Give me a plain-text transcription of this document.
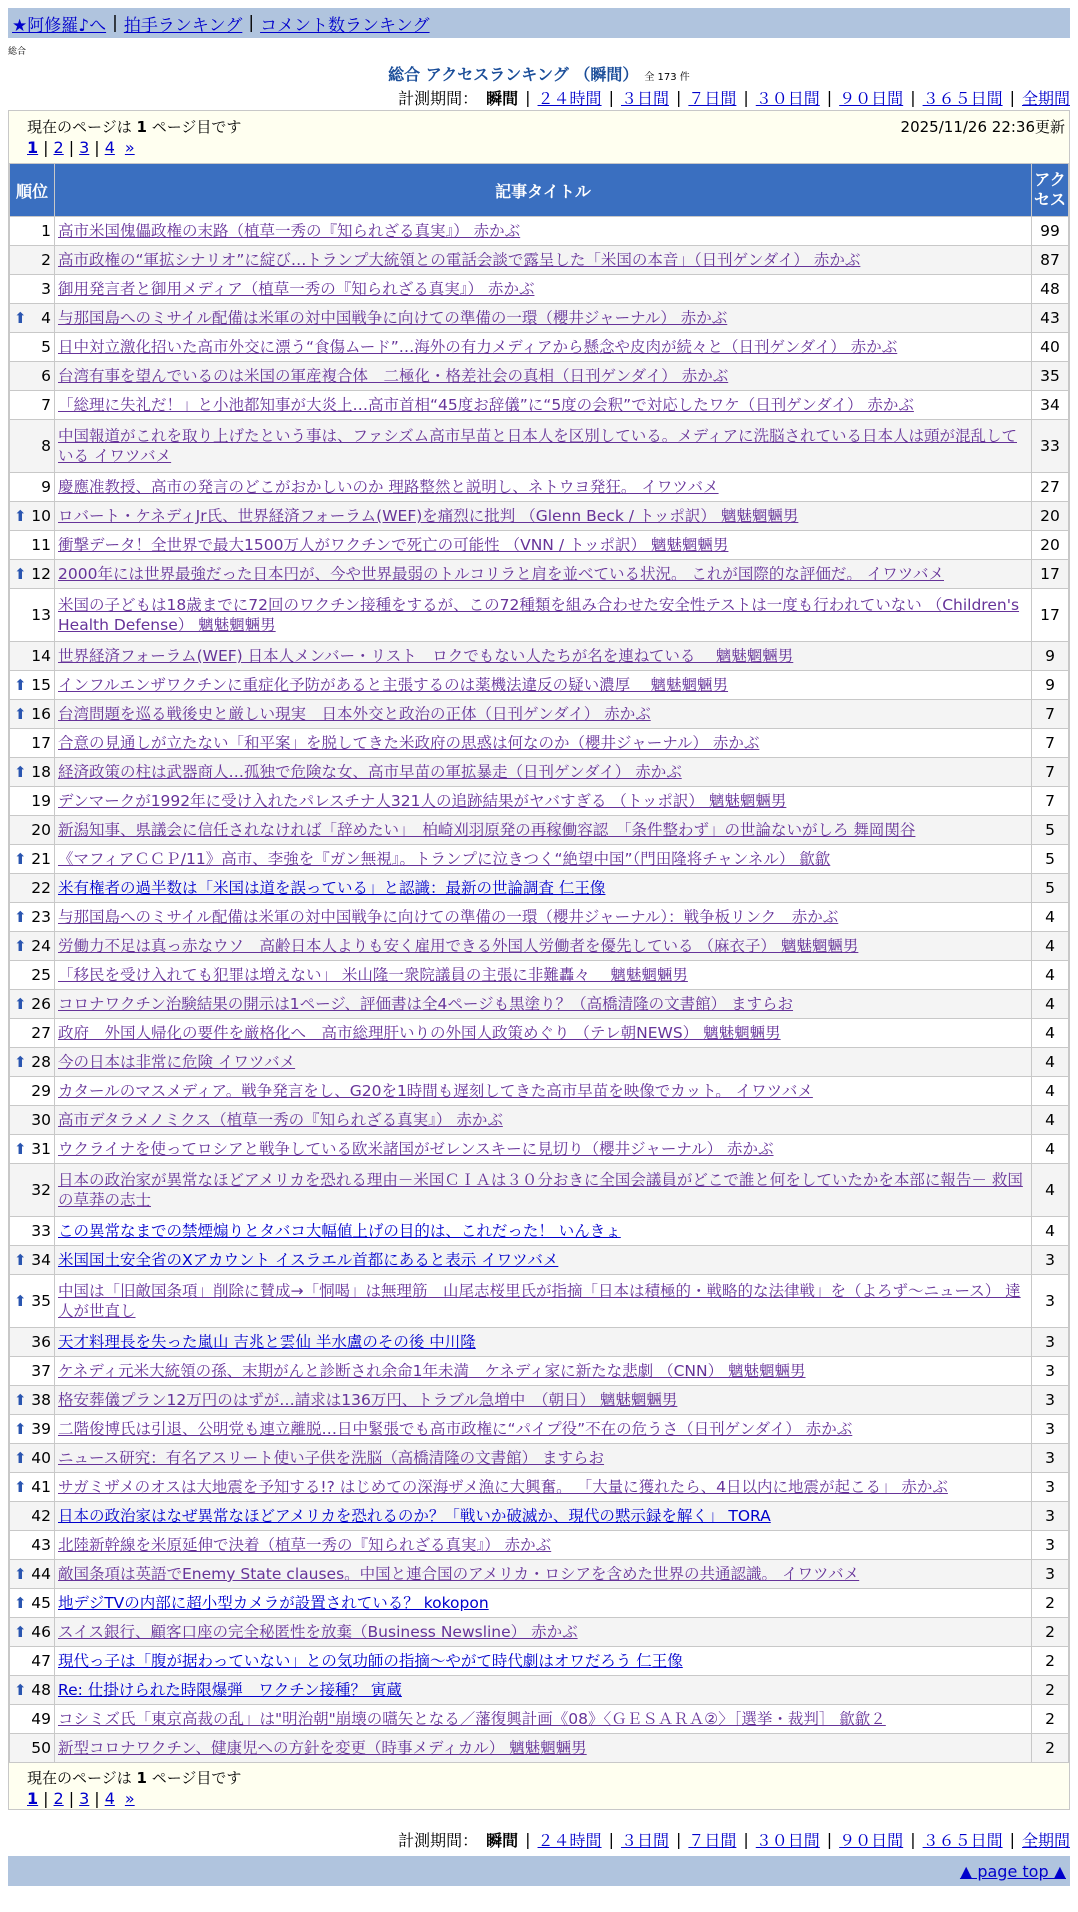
★阿修羅♪へ | 拍手ランキング | コメント数ランキング
総合
総合 アクセスランキング （瞬間） 全 173 件
計測期間： 瞬間 | ２４時間 | ３日間 | ７日間 | ３０日間 | ９０日間 | ３６５日間 | 全期間
現在のページは 1 ページ目です	2025/11/26 22:36更新
1 | 2 | 3 | 4 »
順位	記事タイトル	アクセス
1	高市米国傀儡政権の末路（植草一秀の『知られざる真実』） 赤かぶ	99
2	高市政権の“軍拡シナリオ”に綻び…トランプ大統領との電話会談で露呈した「米国の本音」（日刊ゲンダイ） 赤かぶ	87
3	御用発言者と御用メディア（植草一秀の『知られざる真実』） 赤かぶ	48

⬆ 4	与那国島へのミサイル配備は米軍の対中国戦争に向けての準備の一環（櫻井ジャーナル） 赤かぶ	43
5	日中対立激化招いた高市外交に漂う“食傷ムード”…海外の有力メディアから懸念や皮肉が続々と（日刊ゲンダイ） 赤かぶ	40
6	台湾有事を望んでいるのは米国の軍産複合体　二極化・格差社会の真相（日刊ゲンダイ） 赤かぶ	35
7	「総理に失礼だ！」と小池都知事が大炎上…高市首相“45度お辞儀”に“5度の会釈”で対応したワケ（日刊ゲンダイ） 赤かぶ	34
8	中国報道がこれを取り上げたという事は、ファシズム高市早苗と日本人を区別している。メディアに洗脳されている日本人は頭が混乱している イワツバメ	33
9	慶應准教授、高市の発言のどこがおかしいのか 理路整然と説明し、ネトウヨ発狂。 イワツバメ	27

⬆ 10	ロバート・ケネディJr氏、世界経済フォーラム(WEF)を痛烈に批判 （Glenn Beck / トッポ訳） 魑魅魍魎男	20
11	衝撃データ！全世界で最大1500万人がワクチンで死亡の可能性 （VNN / トッポ訳） 魑魅魍魎男	20

⬆ 12	2000年には世界最強だった日本円が、今や世界最弱のトルコリラと肩を並べている状況。 これが国際的な評価だ。 イワツバメ	17
13	米国の子どもは18歳までに72回のワクチン接種をするが、この72種類を組み合わせた安全性テストは一度も行われていない （Children's Health Defense） 魑魅魍魎男	17
14	世界経済フォーラム(WEF) 日本人メンバー・リスト　ロクでもない人たちが名を連ねている　 魑魅魍魎男	9

⬆ 15	インフルエンザワクチンに重症化予防があると主張するのは薬機法違反の疑い濃厚　 魑魅魍魎男	9

⬆ 16	台湾問題を巡る戦後史と厳しい現実　日本外交と政治の正体（日刊ゲンダイ） 赤かぶ	7
17	合意の見通しが立たない「和平案」を脱してきた米政府の思惑は何なのか（櫻井ジャーナル） 赤かぶ	7

⬆ 18	経済政策の柱は武器商人…孤独で危険な女、高市早苗の軍拡暴走（日刊ゲンダイ） 赤かぶ	7
19	デンマークが1992年に受け入れたパレスチナ人321人の追跡結果がヤバすぎる （トッポ訳） 魑魅魍魎男	7
20	新潟知事、県議会に信任されなければ「辞めたい」　柏崎刈羽原発の再稼働容認　「条件整わず」の世論ないがしろ 舞岡関谷	5

⬆ 21	《マフィアＣＣＰ/11》高市、李強を『ガン無視』。トランプに泣きつく“絶望中国”（門田隆将チャンネル） 歙歙	5
22	米有権者の過半数は「米国は道を誤っている」と認識：最新の世論調査 仁王像	5

⬆ 23	与那国島へのミサイル配備は米軍の対中国戦争に向けての準備の一環（櫻井ジャーナル）：戦争板リンク　赤かぶ	4

⬆ 24	労働力不足は真っ赤なウソ　高齢日本人よりも安く雇用できる外国人労働者を優先している （麻衣子） 魑魅魍魎男	4
25	「移民を受け入れても犯罪は増えない」 米山隆一衆院議員の主張に非難轟々　 魑魅魍魎男	4

⬆ 26	コロナワクチン治験結果の開示は1ページ、評価書は全4ページも黒塗り？（高橋清隆の文書館） ますらお	4
27	政府　外国人帰化の要件を厳格化へ　高市総理肝いりの外国人政策めぐり （テレ朝NEWS） 魑魅魍魎男	4

⬆ 28	今の日本は非常に危険 イワツバメ	4
29	カタールのマスメディア。戦争発言をし、G20を1時間も遅刻してきた高市早苗を映像でカット。 イワツバメ	4
30	高市デタラメノミクス（植草一秀の『知られざる真実』） 赤かぶ	4

⬆ 31	ウクライナを使ってロシアと戦争している欧米諸国がゼレンスキーに見切り（櫻井ジャーナル） 赤かぶ	4
32	日本の政治家が異常なほどアメリカを恐れる理由－米国ＣＩＡは３０分おきに全国会議員がどこで誰と何をしていたかを本部に報告－ 救国の草莽の志士	4
33	この異常なまでの禁煙煽りとタバコ大幅値上げの目的は、これだった！ いんきょ	4

⬆ 34	米国国土安全省のXアカウント イスラエル首都にあると表示 イワツバメ	3

⬆ 35	中国は「旧敵国条項」削除に賛成→「恫喝」は無理筋　山尾志桜里氏が指摘「日本は積極的・戦略的な法律戦」を（よろず～ニュース） 達人が世直し	3
36	天才料理長を失った嵐山 吉兆と雲仙 半水盧のその後 中川隆	3
37	ケネディ元米大統領の孫、末期がんと診断され余命1年未満　ケネディ家に新たな悲劇 （CNN） 魑魅魍魎男	3

⬆ 38	格安葬儀プラン12万円のはずが…請求は136万円、トラブル急増中　（朝日） 魑魅魍魎男	3

⬆ 39	二階俊博氏は引退、公明党も連立離脱…日中緊張でも高市政権に“パイプ役”不在の危うさ（日刊ゲンダイ） 赤かぶ	3

⬆ 40	ニュース研究：有名アスリート使い子供を洗脳（高橋清隆の文書館） ますらお	3

⬆ 41	サガミザメのオスは大地震を予知する!? はじめての深海ザメ漁に大興奮。 「大量に獲れたら、4日以内に地震が起こる」 赤かぶ	3
42	日本の政治家はなぜ異常なほどアメリカを恐れるのか？「戦いか破滅か、現代の黙示録を解く」 TORA	3
43	北陸新幹線を米原延伸で決着（植草一秀の『知られざる真実』） 赤かぶ	3

⬆ 44	敵国条項は英語でEnemy State clauses。中国と連合国のアメリカ・ロシアを含めた世界の共通認識。 イワツバメ	3

⬆ 45	地デジTVの内部に超小型カメラが設置されている？ kokopon	2

⬆ 46	スイス銀行、顧客口座の完全秘匿性を放棄（Business Newsline） 赤かぶ	2
47	現代っ子は「腹が据わっていない」との気功師の指摘～やがて時代劇はオワだろう 仁王像	2

⬆ 48	Re: 仕掛けられた時限爆弾　ワクチン接種？ 寅蔵	2
49	コシミズ氏「東京高裁の乱」は"明治朝"崩壊の嚆矢となる／藩復興計画《08》〈ＧＥＳＡＲＡ②〉［選挙・裁判］ 歙歙２	2
50	新型コロナワクチン、健康児への方針を変更（時事メディカル） 魑魅魍魎男	2
現在のページは 1 ページ目です
1 | 2 | 3 | 4 »
計測期間： 瞬間 | ２４時間 | ３日間 | ７日間 | ３０日間 | ９０日間 | ３６５日間 | 全期間
▲ page top ▲
